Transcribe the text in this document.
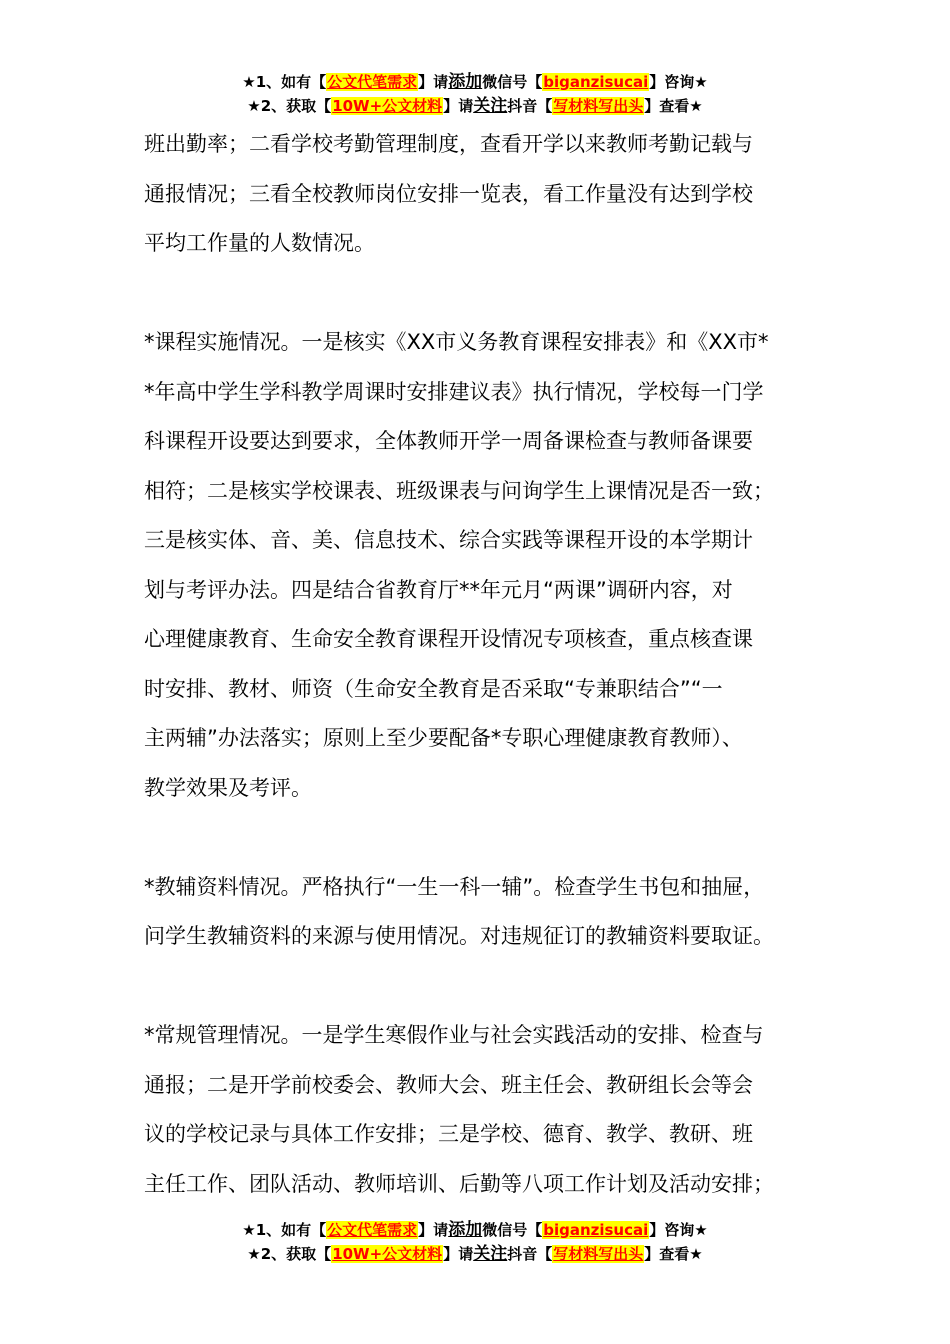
★1、如有【公文代笔需求】请添加微信号【biganzisucai】咨询★
★2、获取【10W+公文材料】请关注抖音【写材料写出头】查看★

班出勤率；二看学校考勤管理制度，查看开学以来教师考勤记载与
通报情况；三看全校教师岗位安排一览表，看工作量没有达到学校
平均工作量的人数情况。

*课程实施情况。一是核实《XX市义务教育课程安排表》和《XX市*
*年高中学生学科教学周课时安排建议表》执行情况，学校每一门学
科课程开设要达到要求，全体教师开学一周备课检查与教师备课要
相符；二是核实学校课表、班级课表与问询学生上课情况是否一致；
三是核实体、音、美、信息技术、综合实践等课程开设的本学期计
划与考评办法。四是结合省教育厅**年元月“两课”调研内容，对
心理健康教育、生命安全教育课程开设情况专项核查，重点核查课
时安排、教材、师资（生命安全教育是否采取“专兼职结合”“一
主两辅”办法落实；原则上至少要配备*专职心理健康教育教师）、
教学效果及考评。

*教辅资料情况。严格执行“一生一科一辅”。检查学生书包和抽屉，
问学生教辅资料的来源与使用情况。对违规征订的教辅资料要取证。

*常规管理情况。一是学生寒假作业与社会实践活动的安排、检查与
通报；二是开学前校委会、教师大会、班主任会、教研组长会等会
议的学校记录与具体工作安排；三是学校、德育、教学、教研、班
主任工作、团队活动、教师培训、后勤等八项工作计划及活动安排；

★1、如有【公文代笔需求】请添加微信号【biganzisucai】咨询★
★2、获取【10W+公文材料】请关注抖音【写材料写出头】查看★
